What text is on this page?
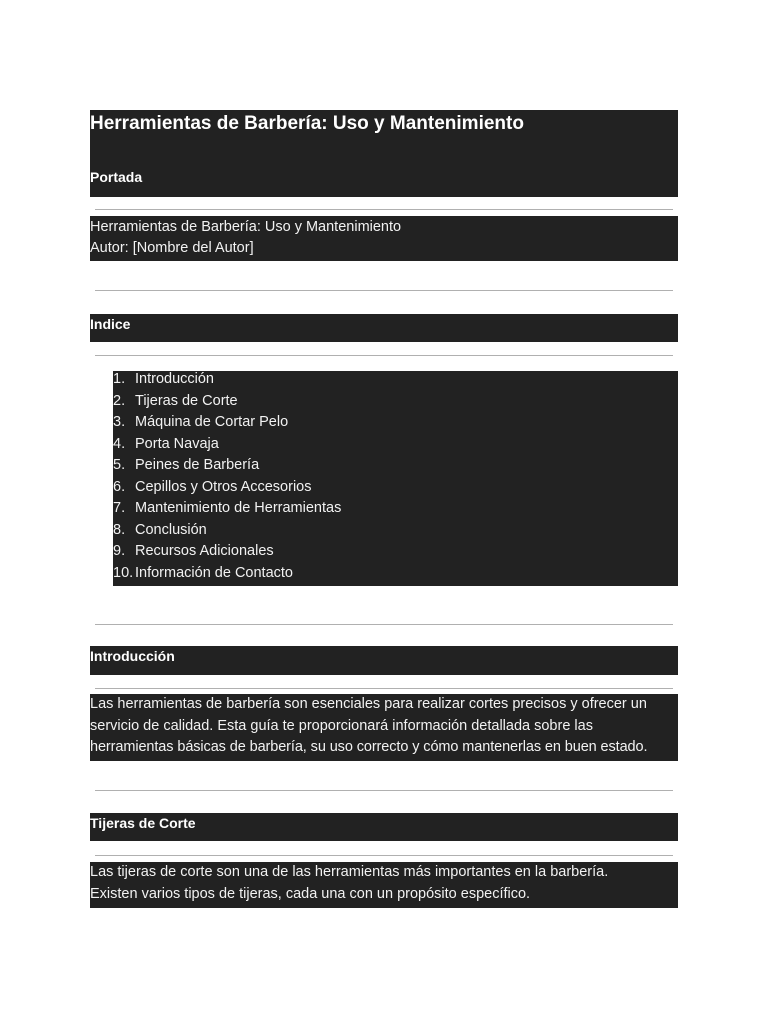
Herramientas de Barbería: Uso y Mantenimiento
Portada
Herramientas de Barbería: Uso y Mantenimiento
Autor: [Nombre del Autor]
Indice
1. Introducción
2. Tijeras de Corte
3. Máquina de Cortar Pelo
4. Porta Navaja
5. Peines de Barbería
6. Cepillos y Otros Accesorios
7. Mantenimiento de Herramientas
8. Conclusión
9. Recursos Adicionales
10. Información de Contacto
Introducción

Las herramientas de barbería son esenciales para realizar cortes precisos y ofrecer un
servicio de calidad. Esta guía te proporcionará información detallada sobre las
herramientas básicas de barbería, su uso correcto y cómo mantenerlas en buen estado.

Tijeras de Corte

Las tijeras de corte son una de las herramientas más importantes en la barbería.
Existen varios tipos de tijeras, cada una con un propósito específico.
